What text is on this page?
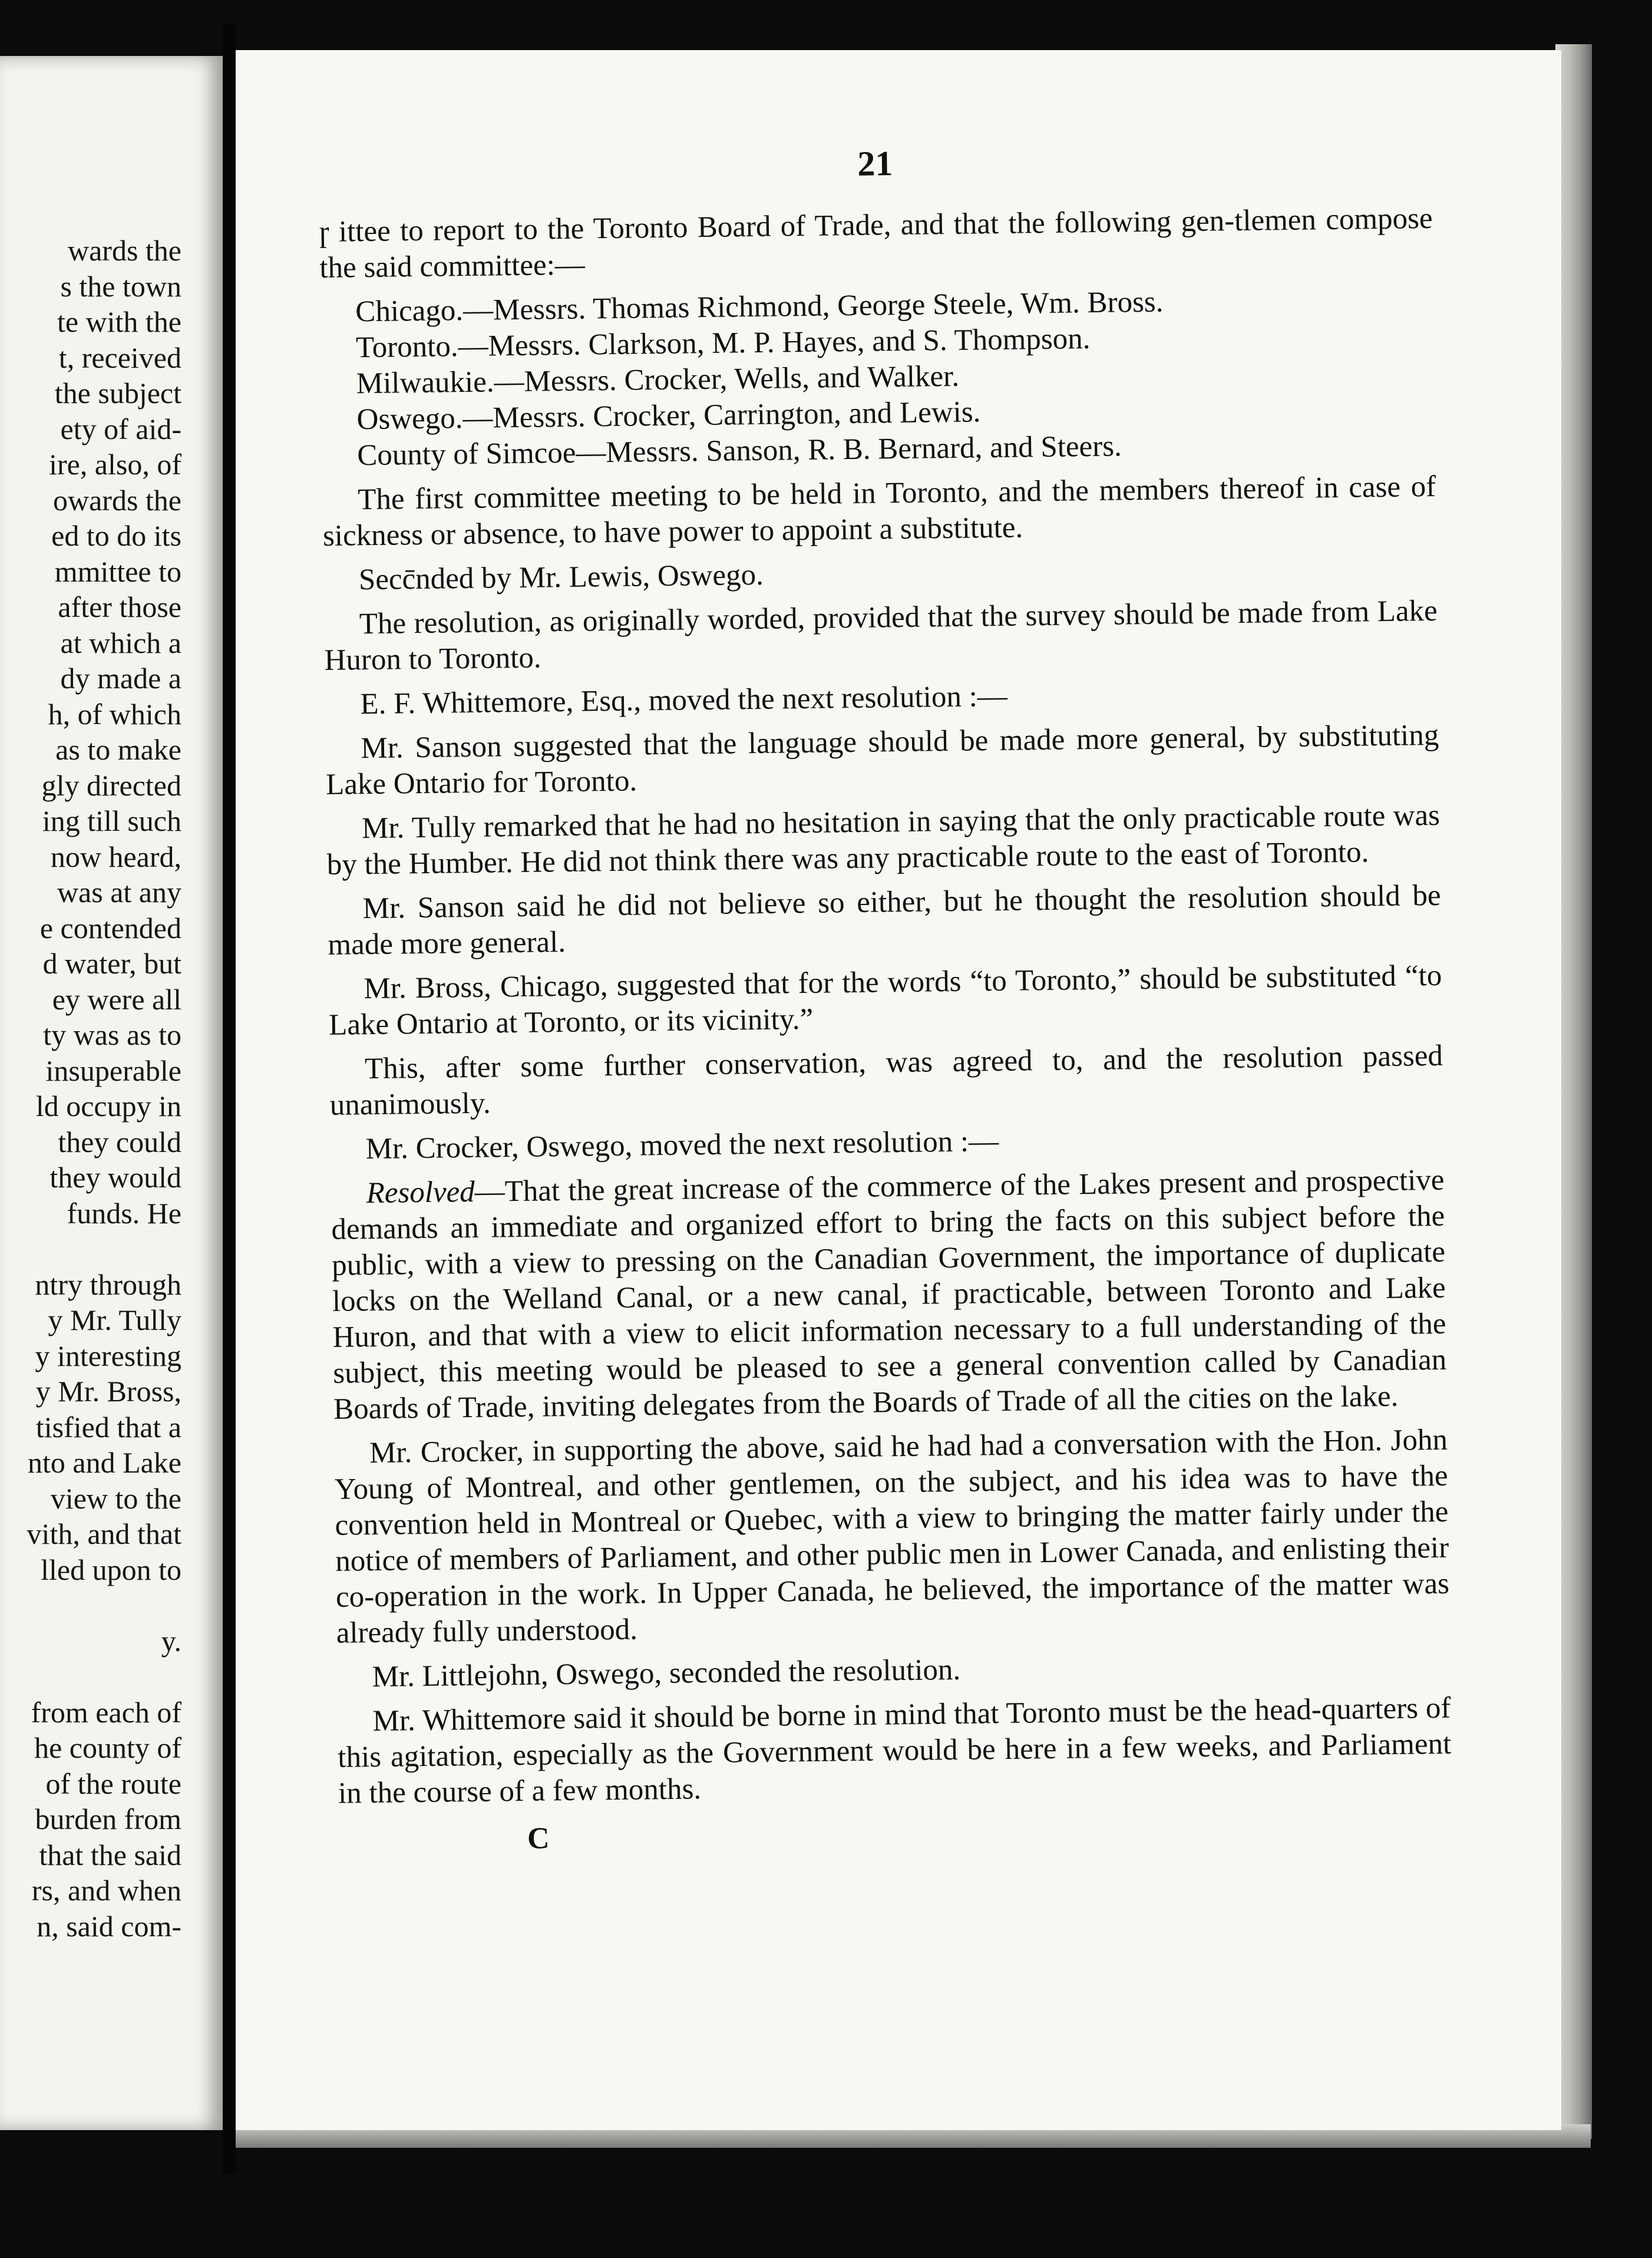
wards the
s the town
te with the
t, received
the subject
ety of aid-
ire, also, of
owards the
ed to do its
mmittee to
after those
at which a
dy made a
h, of which
as to make
gly directed
ing till such
now heard,
was at any
e contended
d water, but
ey were all
ty was as to
insuperable
ld occupy in
they could
they would
funds. He

ntry through
y Mr. Tully
y interesting
y Mr. Bross,
tisfied that a
nto and Lake
view to the
vith, and that
lled upon to

y.

from each of
he county of
of the route
burden from
that the said
rs, and when
n, said com-
21

ɼ ittee to report to the Toronto Board of Trade, and that the following gen-tlemen compose the said committee:—

Chicago.—Messrs. Thomas Richmond, George Steele, Wm. Bross.
Toronto.—Messrs. Clarkson, M. P. Hayes, and S. Thompson.
Milwaukie.—Messrs. Crocker, Wells, and Walker.
Oswego.—Messrs. Crocker, Carrington, and Lewis.
County of Simcoe—Messrs. Sanson, R. B. Bernard, and Steers.

The first committee meeting to be held in Toronto, and the members thereof in case of sickness or absence, to have power to appoint a substitute.

Secc̄nded by Mr. Lewis, Oswego.

The resolution, as originally worded, provided that the survey should be made from Lake Huron to Toronto.

E. F. Whittemore, Esq., moved the next resolution :—

Mr. Sanson suggested that the language should be made more general, by substituting Lake Ontario for Toronto.

Mr. Tully remarked that he had no hesitation in saying that the only practicable route was by the Humber. He did not think there was any practicable route to the east of Toronto.

Mr. Sanson said he did not believe so either, but he thought the resolution should be made more general.

Mr. Bross, Chicago, suggested that for the words “to Toronto,” should be substituted “to Lake Ontario at Toronto, or its vicinity.”

This, after some further conservation, was agreed to, and the resolution passed unanimously.

Mr. Crocker, Oswego, moved the next resolution :—

Resolved—That the great increase of the commerce of the Lakes present and prospective demands an immediate and organized effort to bring the facts on this subject before the public, with a view to pressing on the Canadian Government, the importance of duplicate locks on the Welland Canal, or a new canal, if practicable, between Toronto and Lake Huron, and that with a view to elicit information necessary to a full understanding of the subject, this meeting would be pleased to see a general convention called by Canadian Boards of Trade, inviting delegates from the Boards of Trade of all the cities on the lake.

Mr. Crocker, in supporting the above, said he had had a conversation with the Hon. John Young of Montreal, and other gentlemen, on the subject, and his idea was to have the convention held in Montreal or Quebec, with a view to bringing the matter fairly under the notice of members of Parliament, and other public men in Lower Canada, and enlisting their co-operation in the work. In Upper Canada, he believed, the importance of the matter was already fully understood.

Mr. Littlejohn, Oswego, seconded the resolution.

Mr. Whittemore said it should be borne in mind that Toronto must be the head-quarters of this agitation, especially as the Government would be here in a few weeks, and Parliament in the course of a few months.

C
